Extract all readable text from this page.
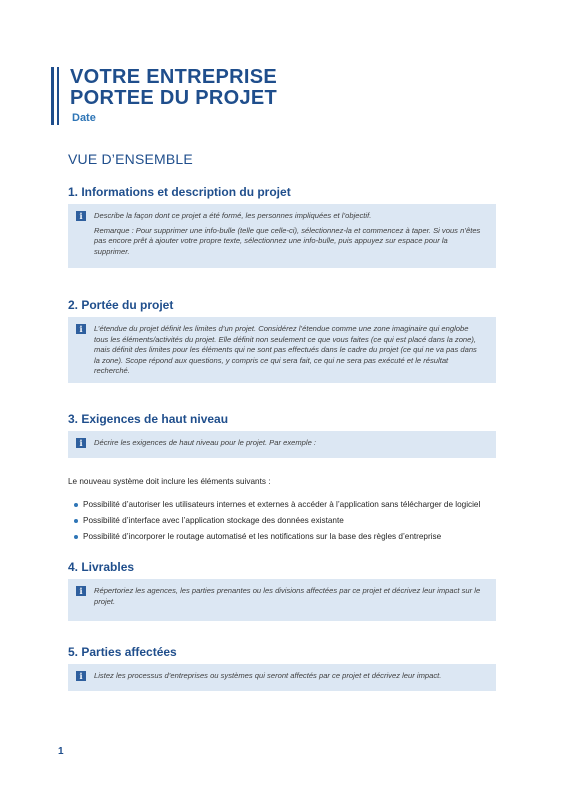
VOTRE ENTREPRISE
PORTEE DU PROJET
Date
VUE D’ENSEMBLE
1. Informations et description du projet
i	Describe la façon dont ce projet a été formé, les personnes impliquées et l’objectif.

Remarque : Pour supprimer une info-bulle (telle que celle-ci), sélectionnez-la et commencez à taper. Si vous n’êtes pas encore prêt à ajouter votre propre texte, sélectionnez une info-bulle, puis appuyez sur espace pour la supprimer.

2. Portée du projet
i	L’étendue du projet définit les limites d’un projet. Considérez l’étendue comme une zone imaginaire qui englobe tous les éléments/activités du projet. Elle définit non seulement ce que vous faites (ce qui est placé dans la zone), mais définit des limites pour les éléments qui ne sont pas effectués dans le cadre du projet (ce qui ne va pas dans la zone). Scope répond aux questions, y compris ce qui sera fait, ce qui ne sera pas exécuté et le résultat recherché.

3. Exigences de haut niveau
i	Décrire les exigences de haut niveau pour le projet. Par exemple :

Le nouveau système doit inclure les éléments suivants :
Possibilité d’autoriser les utilisateurs internes et externes à accéder à l’application sans télécharger de logiciel
Possibilité d’interface avec l’application stockage des données existante
Possibilité d’incorporer le routage automatisé et les notifications sur la base des règles d’entreprise
4. Livrables
i	Répertoriez les agences, les parties prenantes ou les divisions affectées par ce projet et décrivez leur impact sur le projet.

5. Parties affectées
i	Listez les processus d’entreprises ou systèmes qui seront affectés par ce projet et décrivez leur impact.

1
